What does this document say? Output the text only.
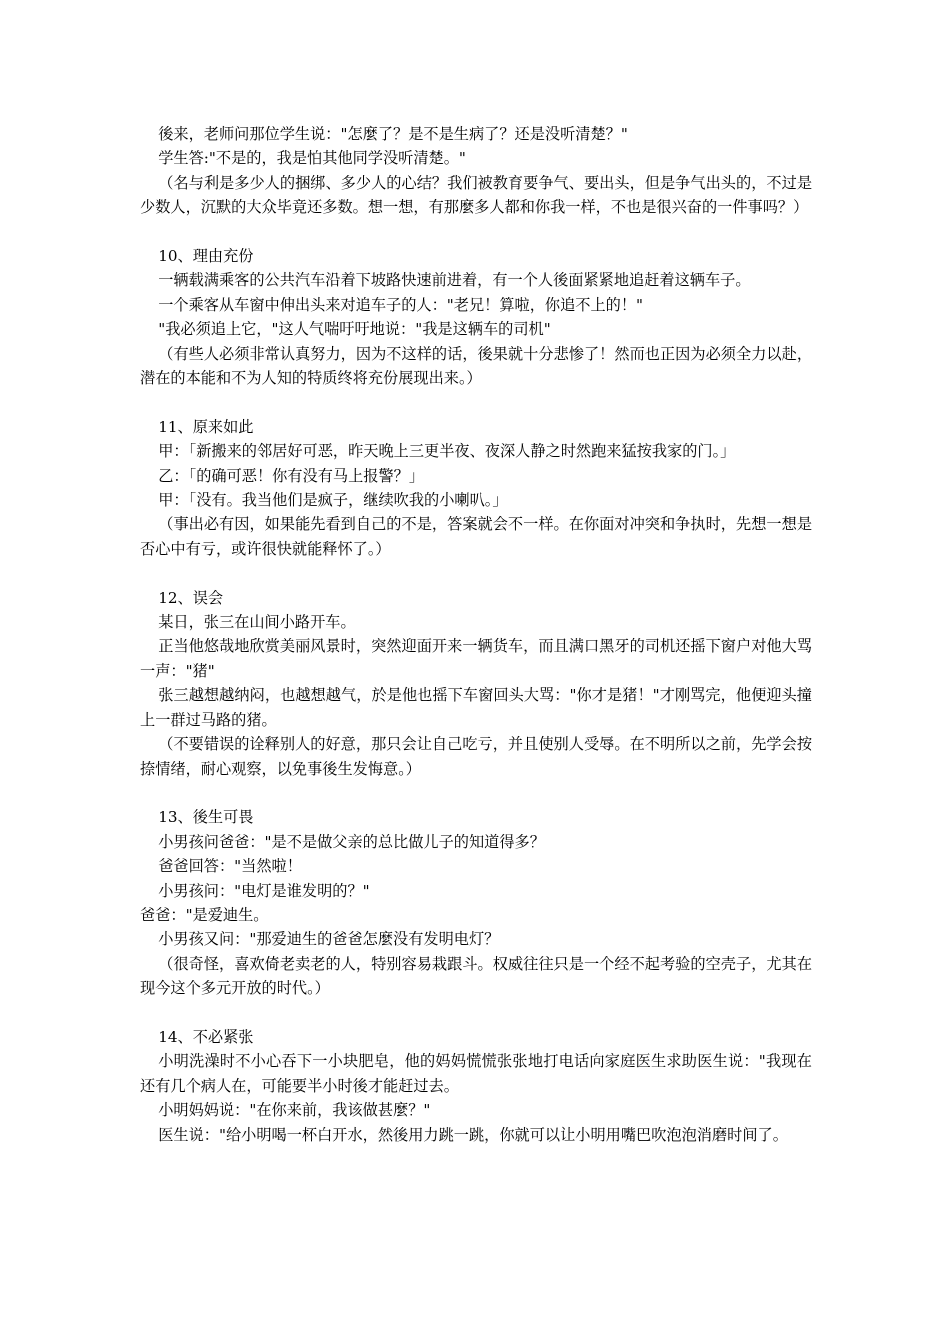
後来，老师问那位学生说："怎麼了？是不是生病了？还是没听清楚？"

学生答:"不是的，我是怕其他同学没听清楚。"

（名与利是多少人的捆绑、多少人的心结？我们被教育要争气、要出头，但是争气出头的，不过是少数人，沉默的大众毕竟还多数。想一想，有那麼多人都和你我一样，不也是很兴奋的一件事吗？）

10、理由充份

一辆载满乘客的公共汽车沿着下坡路快速前进着，有一个人後面紧紧地追赶着这辆车子。

一个乘客从车窗中伸出头来对追车子的人："老兄！算啦，你追不上的！"

"我必须追上它，"这人气喘吁吁地说："我是这辆车的司机"

（有些人必须非常认真努力，因为不这样的话，後果就十分悲惨了！然而也正因为必须全力以赴，潜在的本能和不为人知的特质终将充份展现出来。）

11、原来如此

甲：「新搬来的邻居好可恶，昨天晚上三更半夜、夜深人静之时然跑来猛按我家的门。」

乙：「的确可恶！你有没有马上报警？」

甲：「没有。我当他们是疯子，继续吹我的小喇叭。」

（事出必有因，如果能先看到自己的不是，答案就会不一样。在你面对冲突和争执时，先想一想是否心中有亏，或许很快就能释怀了。）

12、误会

某日，张三在山间小路开车。

正当他悠哉地欣赏美丽风景时，突然迎面开来一辆货车，而且满口黑牙的司机还摇下窗户对他大骂一声："猪"

张三越想越纳闷，也越想越气，於是他也摇下车窗回头大骂："你才是猪！"才刚骂完，他便迎头撞上一群过马路的猪。

（不要错误的诠释别人的好意，那只会让自己吃亏，并且使别人受辱。在不明所以之前，先学会按捺情绪，耐心观察，以免事後生发悔意。）

13、後生可畏

小男孩问爸爸："是不是做父亲的总比做儿子的知道得多？

爸爸回答："当然啦！

小男孩问："电灯是谁发明的？"

爸爸："是爱迪生。

小男孩又问："那爱迪生的爸爸怎麼没有发明电灯？

（很奇怪，喜欢倚老卖老的人，特别容易栽跟斗。权威往往只是一个经不起考验的空壳子，尤其在现今这个多元开放的时代。）

14、不必紧张

小明洗澡时不小心吞下一小块肥皂，他的妈妈慌慌张张地打电话向家庭医生求助医生说："我现在还有几个病人在，可能要半小时後才能赶过去。

小明妈妈说："在你来前，我该做甚麼？"

医生说："给小明喝一杯白开水，然後用力跳一跳，你就可以让小明用嘴巴吹泡泡消磨时间了。
